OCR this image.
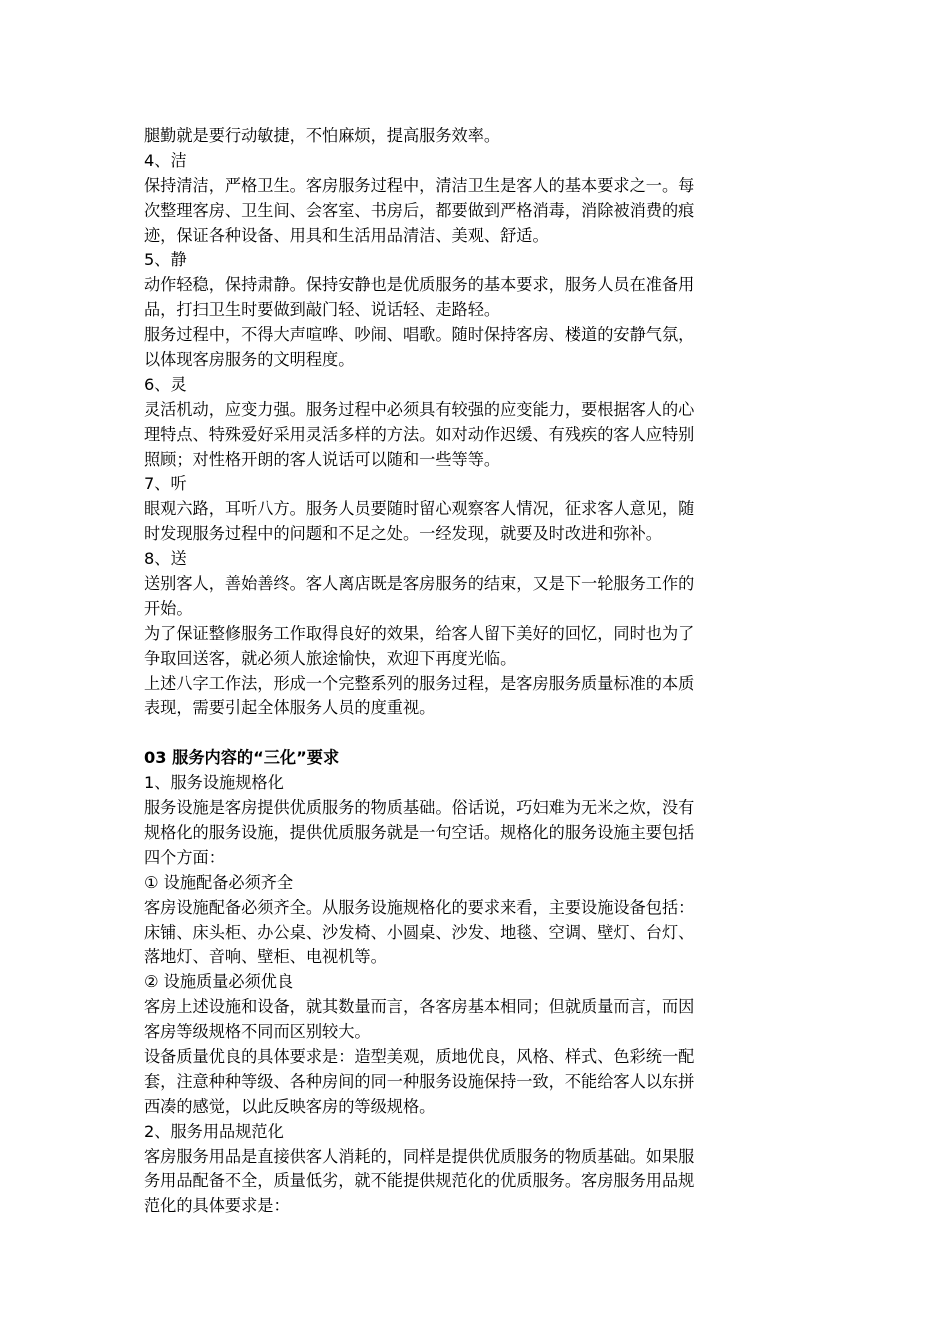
腿勤就是要行动敏捷，不怕麻烦，提高服务效率。
4、洁
保持清洁，严格卫生。客房服务过程中，清洁卫生是客人的基本要求之一。每
次整理客房、卫生间、会客室、书房后，都要做到严格消毒，消除被消费的痕
迹，保证各种设备、用具和生活用品清洁、美观、舒适。
5、静
动作轻稳，保持肃静。保持安静也是优质服务的基本要求，服务人员在准备用
品，打扫卫生时要做到敲门轻、说话轻、走路轻。
服务过程中，不得大声喧哗、吵闹、唱歌。随时保持客房、楼道的安静气氛，
以体现客房服务的文明程度。
6、灵
灵活机动，应变力强。服务过程中必须具有较强的应变能力，要根据客人的心
理特点、特殊爱好采用灵活多样的方法。如对动作迟缓、有残疾的客人应特别
照顾；对性格开朗的客人说话可以随和一些等等。
7、听
眼观六路，耳听八方。服务人员要随时留心观察客人情况，征求客人意见，随
时发现服务过程中的问题和不足之处。一经发现，就要及时改进和弥补。
8、送
送别客人，善始善终。客人离店既是客房服务的结束，又是下一轮服务工作的
开始。
为了保证整修服务工作取得良好的效果，给客人留下美好的回忆，同时也为了
争取回送客，就必须人旅途愉快，欢迎下再度光临。
上述八字工作法，形成一个完整系列的服务过程，是客房服务质量标准的本质
表现，需要引起全体服务人员的度重视。
03 服务内容的“三化”要求
1、服务设施规格化
服务设施是客房提供优质服务的物质基础。俗话说，巧妇难为无米之炊，没有
规格化的服务设施，提供优质服务就是一句空话。规格化的服务设施主要包括
四个方面：
① 设施配备必须齐全
客房设施配备必须齐全。从服务设施规格化的要求来看，主要设施设备包括：
床铺、床头柜、办公桌、沙发椅、小圆桌、沙发、地毯、空调、壁灯、台灯、
落地灯、音响、壁柜、电视机等。
② 设施质量必须优良
客房上述设施和设备，就其数量而言，各客房基本相同；但就质量而言，而因
客房等级规格不同而区别较大。
设备质量优良的具体要求是：造型美观，质地优良，风格、样式、色彩统一配
套，注意种种等级、各种房间的同一种服务设施保持一致，不能给客人以东拼
西凑的感觉，以此反映客房的等级规格。
2、服务用品规范化
客房服务用品是直接供客人消耗的，同样是提供优质服务的物质基础。如果服
务用品配备不全，质量低劣，就不能提供规范化的优质服务。客房服务用品规
范化的具体要求是：
